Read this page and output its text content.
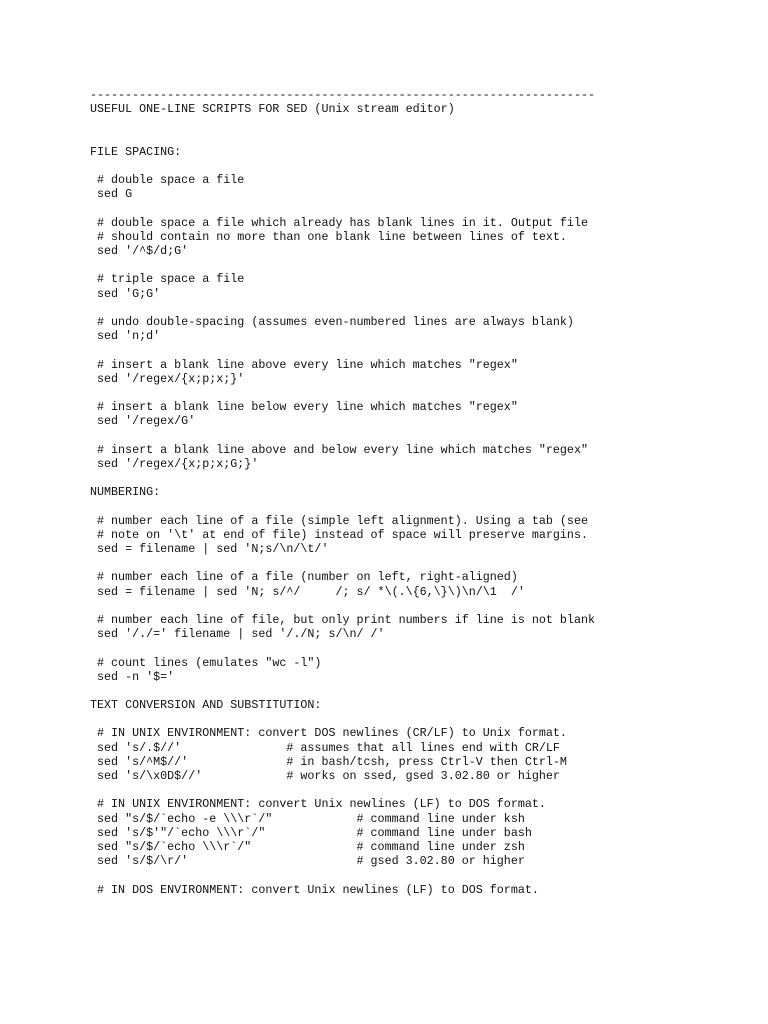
------------------------------------------------------------------------
USEFUL ONE-LINE SCRIPTS FOR SED (Unix stream editor)
FILE SPACING:
# double space a file
sed G
# double space a file which already has blank lines in it. Output file
# should contain no more than one blank line between lines of text.
sed '/^$/d;G'
# triple space a file
sed 'G;G'
# undo double-spacing (assumes even-numbered lines are always blank)
sed 'n;d'
# insert a blank line above every line which matches "regex"
sed '/regex/{x;p;x;}'
# insert a blank line below every line which matches "regex"
sed '/regex/G'
# insert a blank line above and below every line which matches "regex"
sed '/regex/{x;p;x;G;}'
NUMBERING:
# number each line of a file (simple left alignment). Using a tab (see
# note on '\t' at end of file) instead of space will preserve margins.
sed = filename | sed 'N;s/\n/\t/'
# number each line of a file (number on left, right-aligned)
sed = filename | sed 'N; s/^/     /; s/ *\(.\{6,\}\)\n/\1  /'
# number each line of file, but only print numbers if line is not blank
sed '/./=' filename | sed '/./N; s/\n/ /'
# count lines (emulates "wc -l")
sed -n '$='
TEXT CONVERSION AND SUBSTITUTION:
# IN UNIX ENVIRONMENT: convert DOS newlines (CR/LF) to Unix format.
sed 's/.$//'               # assumes that all lines end with CR/LF
sed 's/^M$//'              # in bash/tcsh, press Ctrl-V then Ctrl-M
sed 's/\x0D$//'            # works on ssed, gsed 3.02.80 or higher
# IN UNIX ENVIRONMENT: convert Unix newlines (LF) to DOS format.
sed "s/$/`echo -e \\\r`/"            # command line under ksh
sed 's/$'"/`echo \\\r`/"             # command line under bash
sed "s/$/`echo \\\r`/"               # command line under zsh
sed 's/$/\r/'                        # gsed 3.02.80 or higher
# IN DOS ENVIRONMENT: convert Unix newlines (LF) to DOS format.
